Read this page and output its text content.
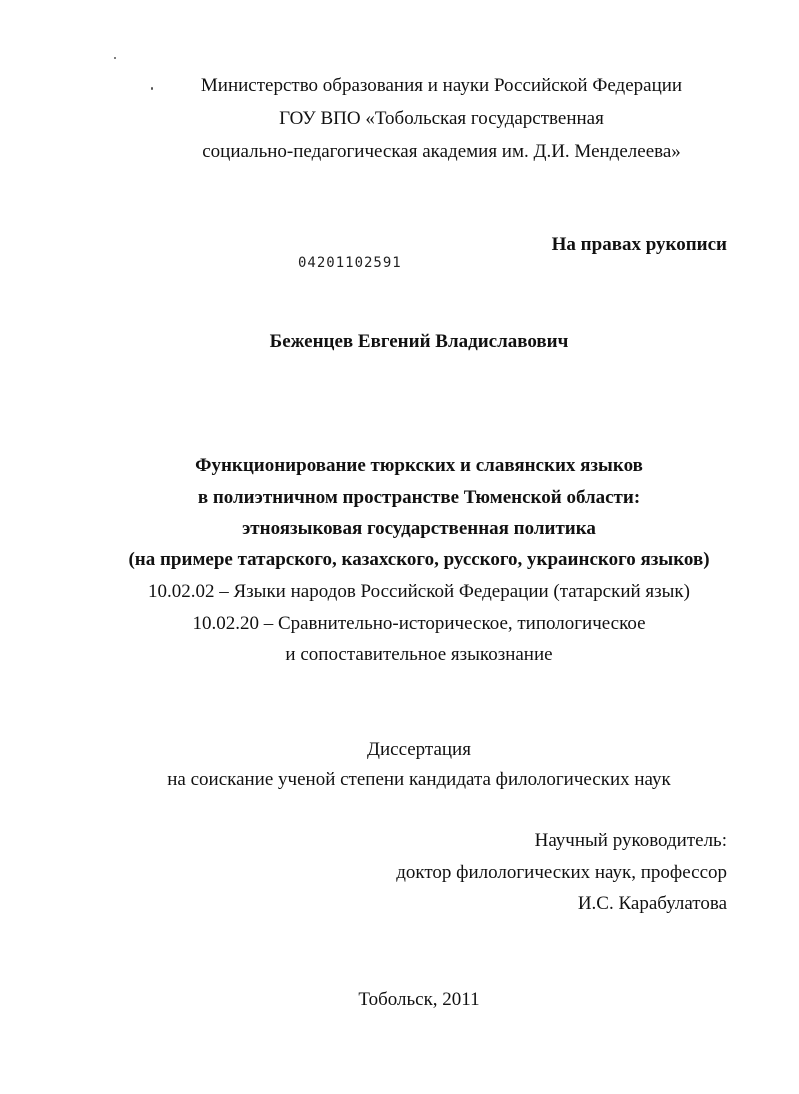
Министерство образования и науки Российской Федерации
ГОУ ВПО «Тобольская государственная
социально-педагогическая академия им. Д.И. Менделеева»
На правах рукописи
04201102591
Беженцев Евгений Владиславович
Функционирование тюркских и славянских языков
в полиэтничном пространстве Тюменской области:
этноязыковая государственная политика
(на примере татарского, казахского, русского, украинского языков)
10.02.02 – Языки народов Российской Федерации (татарский язык)
10.02.20 – Сравнительно-историческое, типологическое
и сопоставительное языкознание
Диссертация
на соискание ученой степени кандидата филологических наук
Научный руководитель:
доктор филологических наук, профессор
И.С. Карабулатова
Тобольск, 2011
